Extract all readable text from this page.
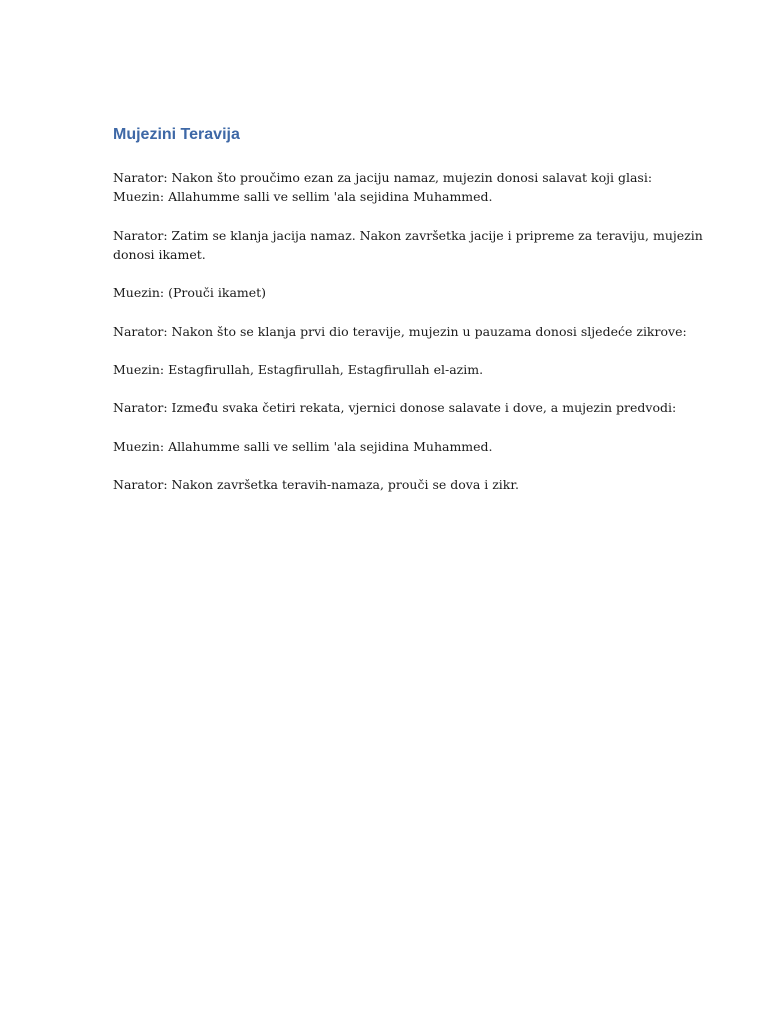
Mujezini Teravija

Narator: Nakon što proučimo ezan za jaciju namaz, mujezin donosi salavat koji glasi:
Muezin: Allahumme salli ve sellim 'ala sejidina Muhammed.

Narator: Zatim se klanja jacija namaz. Nakon završetka jacije i pripreme za teraviju, mujezin
donosi ikamet.

Muezin: (Prouči ikamet)

Narator: Nakon što se klanja prvi dio teravije, mujezin u pauzama donosi sljedeće zikrove:

Muezin: Estagfirullah, Estagfirullah, Estagfirullah el-azim.

Narator: Između svaka četiri rekata, vjernici donose salavate i dove, a mujezin predvodi:

Muezin: Allahumme salli ve sellim 'ala sejidina Muhammed.

Narator: Nakon završetka teravih-namaza, prouči se dova i zikr.
